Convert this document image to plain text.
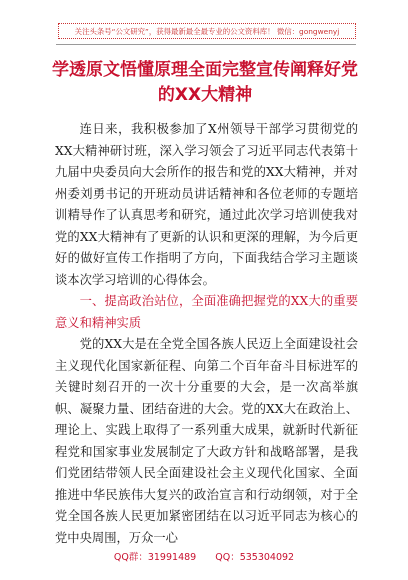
关注头条号“公文研究”，获得最新最全最专业的公文资料库！ 微信：gongwenyj
学透原文悟懂原理全面完整宣传阐释好党
的XX大精神

连日来，我积极参加了X州领导干部学习贯彻党的XX大精神研讨班，深入学习领会了习近平同志代表第十九届中央委员向大会所作的报告和党的XX大精神，并对州委刘勇书记的开班动员讲话精神和各位老师的专题培训精导作了认真思考和研究，通过此次学习培训使我对党的XX大精神有了更新的认识和更深的理解，为今后更好的做好宣传工作指明了方向，下面我结合学习主题谈谈本次学习培训的心得体会。

一、提高政治站位，全面准确把握党的XX大的重要意义和精神实质

党的XX大是在全党全国各族人民迈上全面建设社会主义现代化国家新征程、向第二个百年奋斗目标进军的关键时刻召开的一次十分重要的大会，是一次高举旗帜、凝聚力量、团结奋进的大会。党的XX大在政治上、理论上、实践上取得了一系列重大成果，就新时代新征程党和国家事业发展制定了大政方针和战略部署，是我们党团结带领人民全面建设社会主义现代化国家、全面推进中华民族伟大复兴的政治宣言和行动纲领，对于全党全国各族人民更加紧密团结在以习近平同志为核心的党中央周围，万众一心

QQ群：31991489 QQ：535304092
